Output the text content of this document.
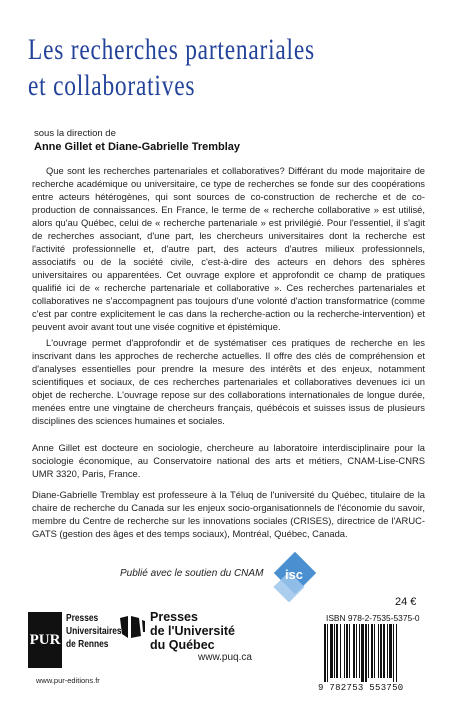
Les recherches partenariales
et collaboratives
sous la direction de
Anne Gillet et Diane-Gabrielle Tremblay

Que sont les recherches partenariales et collaboratives? Différant du mode majoritaire de recherche académique ou universitaire, ce type de recherches se fonde sur des coopérations entre acteurs hétérogènes, qui sont sources de co-construction de recherche et de co-production de connaissances. En France, le terme de « recherche collaborative » est utilisé, alors qu'au Québec, celui de « recherche partenariale » est privilégié. Pour l'essentiel, il s'agit de recherches associant, d'une part, les chercheurs universitaires dont la recherche est l'activité professionnelle et, d'autre part, des acteurs d'autres milieux professionnels, associatifs ou de la société civile, c'est-à-dire des acteurs en dehors des sphères universitaires ou apparentées. Cet ouvrage explore et approfondit ce champ de pratiques qualifié ici de « recherche partenariale et collaborative ». Ces recherches partenariales et collaboratives ne s'accompagnent pas toujours d'une volonté d'action transformatrice (comme c'est par contre explicitement le cas dans la recherche-action ou la recherche-intervention) et peuvent avoir avant tout une visée cognitive et épistémique.

L'ouvrage permet d'approfondir et de systématiser ces pratiques de recherche en les inscrivant dans les approches de recherche actuelles. Il offre des clés de compréhension et d'analyses essentielles pour prendre la mesure des intérêts et des enjeux, notamment scientifiques et sociaux, de ces recherches partenariales et collaboratives devenues ici un objet de recherche. L'ouvrage repose sur des collaborations internationales de longue durée, menées entre une vingtaine de chercheurs français, québécois et suisses issus de plusieurs disciplines des sciences humaines et sociales.

Anne Gillet est docteure en sociologie, chercheure au laboratoire interdisciplinaire pour la sociologie économique, au Conservatoire national des arts et métiers, CNAM-Lise-CNRS UMR 3320, Paris, France.

Diane-Gabrielle Tremblay est professeure à la Téluq de l'université du Québec, titulaire de la chaire de recherche du Canada sur les enjeux socio-organisationnels de l'économie du savoir, membre du Centre de recherche sur les innovations sociales (CRISES), directrice de l'ARUC-GATS (gestion des âges et des temps sociaux), Montréal, Québec, Canada.

Publié avec le soutien du CNAM isc
24 €
ISBN 978-2-7535-5375-0
9 782753 553750
PUR
Presses
Universitaires
de Rennes
www.pur-editions.fr
Presses
de l'Université
du Québec
www.puq.ca
